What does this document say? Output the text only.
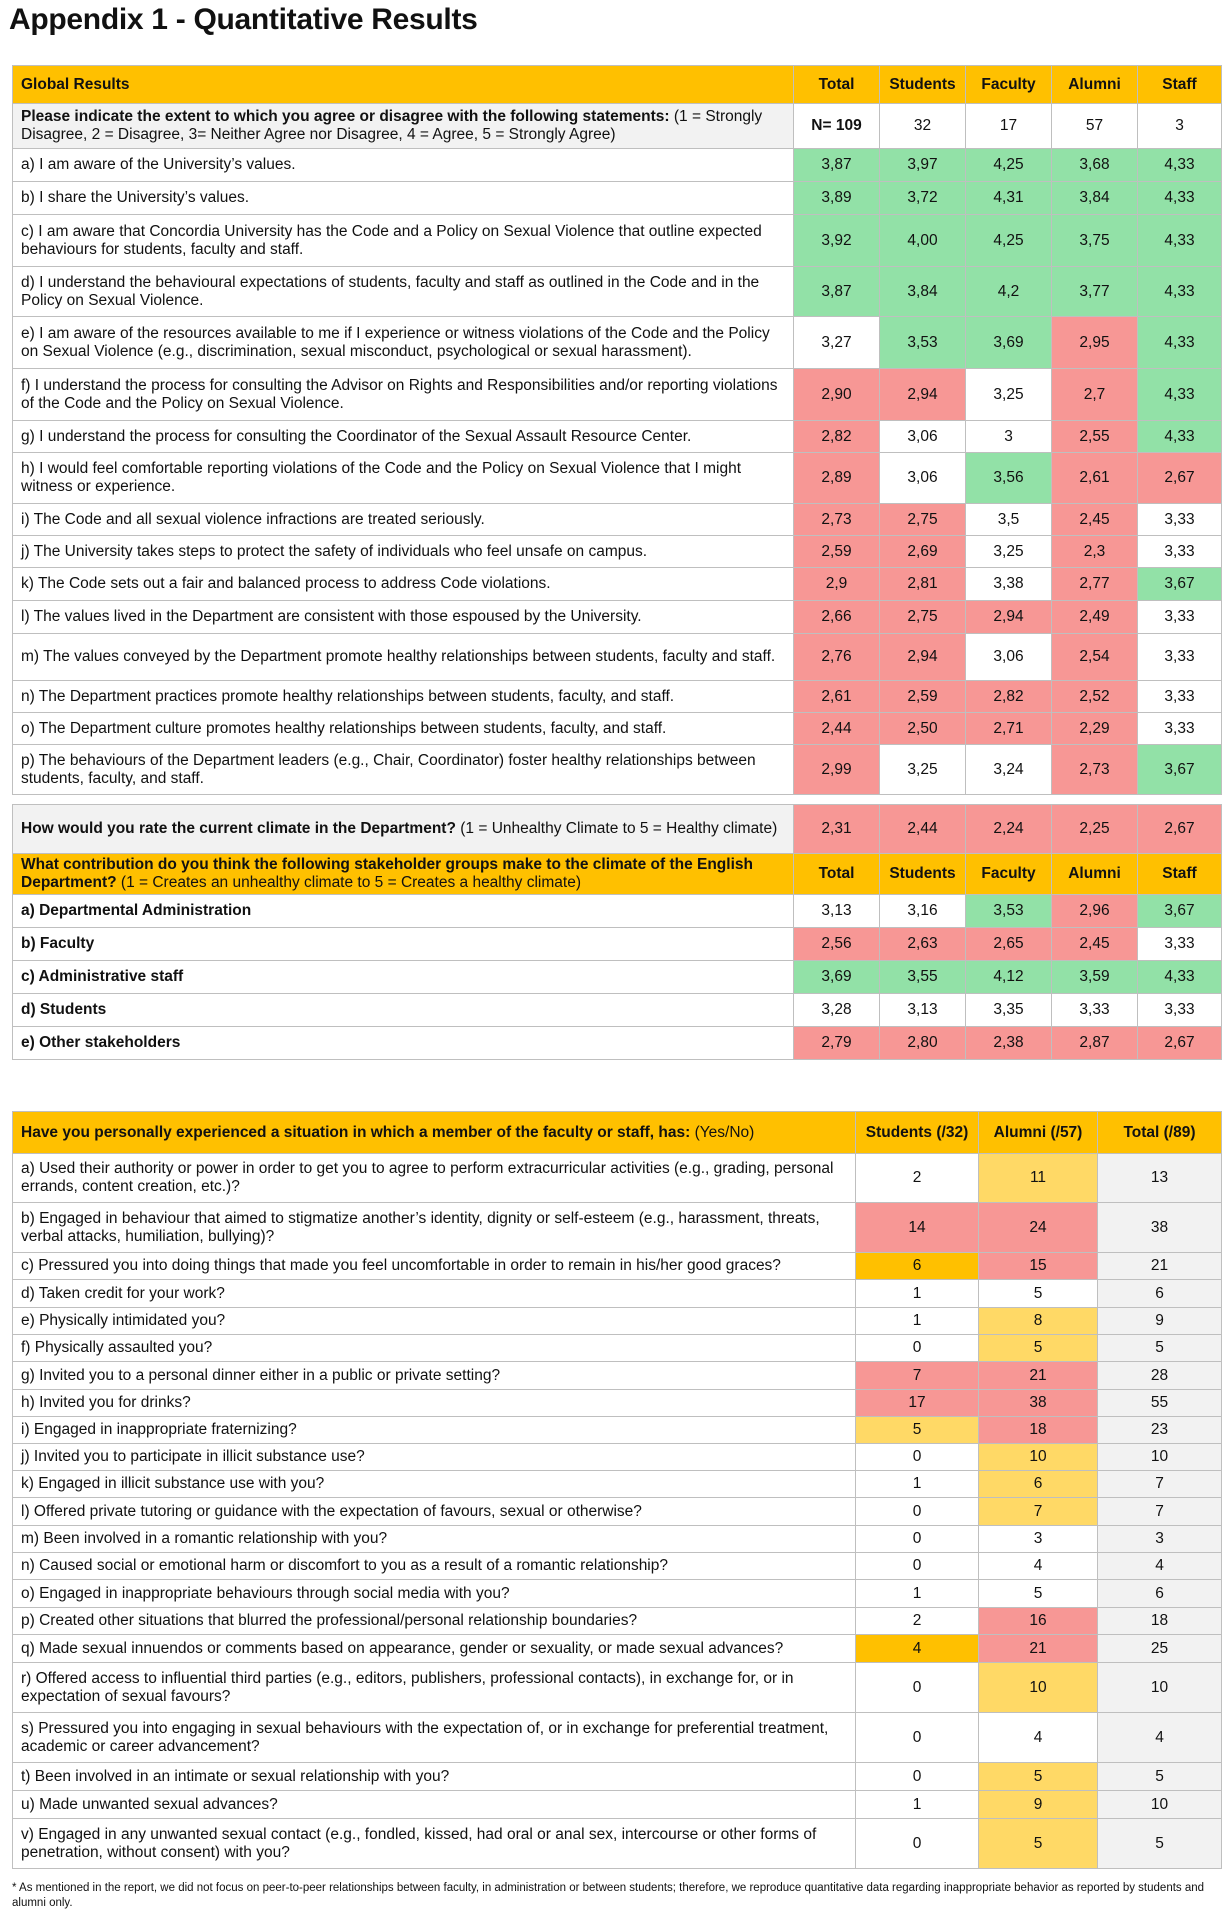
Appendix 1 - Quantitative Results
Global Results	Total	Students	Faculty	Alumni	Staff
Please indicate the extent to which you agree or disagree with the following statements: (1 = Strongly Disagree, 2 = Disagree, 3= Neither Agree nor Disagree, 4 = Agree, 5 = Strongly Agree)	N= 109	32	17	57	3
a) I am aware of the University’s values.	3,87	3,97	4,25	3,68	4,33
b) I share the University’s values.	3,89	3,72	4,31	3,84	4,33
c) I am aware that Concordia University has the Code and a Policy on Sexual Violence that outline expected behaviours for students, faculty and staff.	3,92	4,00	4,25	3,75	4,33
d) I understand the behavioural expectations of students, faculty and staff as outlined in the Code and in the Policy on Sexual Violence.	3,87	3,84	4,2	3,77	4,33
e) I am aware of the resources available to me if I experience or witness violations of the Code and the Policy on Sexual Violence (e.g., discrimination, sexual misconduct, psychological or sexual harassment).	3,27	3,53	3,69	2,95	4,33
f) I understand the process for consulting the Advisor on Rights and Responsibilities and/or reporting violations of the Code and the Policy on Sexual Violence.	2,90	2,94	3,25	2,7	4,33
g) I understand the process for consulting the Coordinator of the Sexual Assault Resource Center.	2,82	3,06	3	2,55	4,33
h) I would feel comfortable reporting violations of the Code and the Policy on Sexual Violence that I might witness or experience.	2,89	3,06	3,56	2,61	2,67
i) The Code and all sexual violence infractions are treated seriously.	2,73	2,75	3,5	2,45	3,33
j) The University takes steps to protect the safety of individuals who feel unsafe on campus.	2,59	2,69	3,25	2,3	3,33
k) The Code sets out a fair and balanced process to address Code violations.	2,9	2,81	3,38	2,77	3,67
l) The values lived in the Department are consistent with those espoused by the University.	2,66	2,75	2,94	2,49	3,33
m) The values conveyed by the Department promote healthy relationships between students, faculty and staff.	2,76	2,94	3,06	2,54	3,33
n) The Department practices promote healthy relationships between students, faculty, and staff.	2,61	2,59	2,82	2,52	3,33
o) The Department culture promotes healthy relationships between students, faculty, and staff.	2,44	2,50	2,71	2,29	3,33
p) The behaviours of the Department leaders (e.g., Chair, Coordinator) foster healthy relationships between students, faculty, and staff.	2,99	3,25	3,24	2,73	3,67

How would you rate the current climate in the Department? (1 = Unhealthy Climate to 5 = Healthy climate)	2,31	2,44	2,24	2,25	2,67
What contribution do you think the following stakeholder groups make to the climate of the English Department? (1 = Creates an unhealthy climate to 5 = Creates a healthy climate)	Total	Students	Faculty	Alumni	Staff
a) Departmental Administration	3,13	3,16	3,53	2,96	3,67
b) Faculty	2,56	2,63	2,65	2,45	3,33
c) Administrative staff	3,69	3,55	4,12	3,59	4,33
d) Students	3,28	3,13	3,35	3,33	3,33
e) Other stakeholders	2,79	2,80	2,38	2,87	2,67
Have you personally experienced a situation in which a member of the faculty or staff, has: (Yes/No)	Students (/32)	Alumni (/57)	Total (/89)
a) Used their authority or power in order to get you to agree to perform extracurricular activities (e.g., grading, personal errands, content creation, etc.)?	2	11	13
b) Engaged in behaviour that aimed to stigmatize another’s identity, dignity or self-esteem (e.g., harassment, threats, verbal attacks, humiliation, bullying)?	14	24	38
c) Pressured you into doing things that made you feel uncomfortable in order to remain in his/her good graces?	6	15	21
d) Taken credit for your work?	1	5	6
e) Physically intimidated you?	1	8	9
f) Physically assaulted you?	0	5	5
g) Invited you to a personal dinner either in a public or private setting?	7	21	28
h) Invited you for drinks?	17	38	55
i) Engaged in inappropriate fraternizing?	5	18	23
j) Invited you to participate in illicit substance use?	0	10	10
k) Engaged in illicit substance use with you?	1	6	7
l) Offered private tutoring or guidance with the expectation of favours, sexual or otherwise?	0	7	7
m) Been involved in a romantic relationship with you?	0	3	3
n) Caused social or emotional harm or discomfort to you as a result of a romantic relationship?	0	4	4
o) Engaged in inappropriate behaviours through social media with you?	1	5	6
p) Created other situations that blurred the professional/personal relationship boundaries?	2	16	18
q) Made sexual innuendos or comments based on appearance, gender or sexuality, or made sexual advances?	4	21	25
r) Offered access to influential third parties (e.g., editors, publishers, professional contacts), in exchange for, or in expectation of sexual favours?	0	10	10
s) Pressured you into engaging in sexual behaviours with the expectation of, or in exchange for preferential treatment, academic or career advancement?	0	4	4
t) Been involved in an intimate or sexual relationship with you?	0	5	5
u) Made unwanted sexual advances?	1	9	10
v) Engaged in any unwanted sexual contact (e.g., fondled, kissed, had oral or anal sex, intercourse or other forms of penetration, without consent) with you?	0	5	5

* As mentioned in the report, we did not focus on peer-to-peer relationships between faculty, in administration or between students; therefore, we reproduce quantitative data regarding inappropriate behavior as reported by students and alumni only.
